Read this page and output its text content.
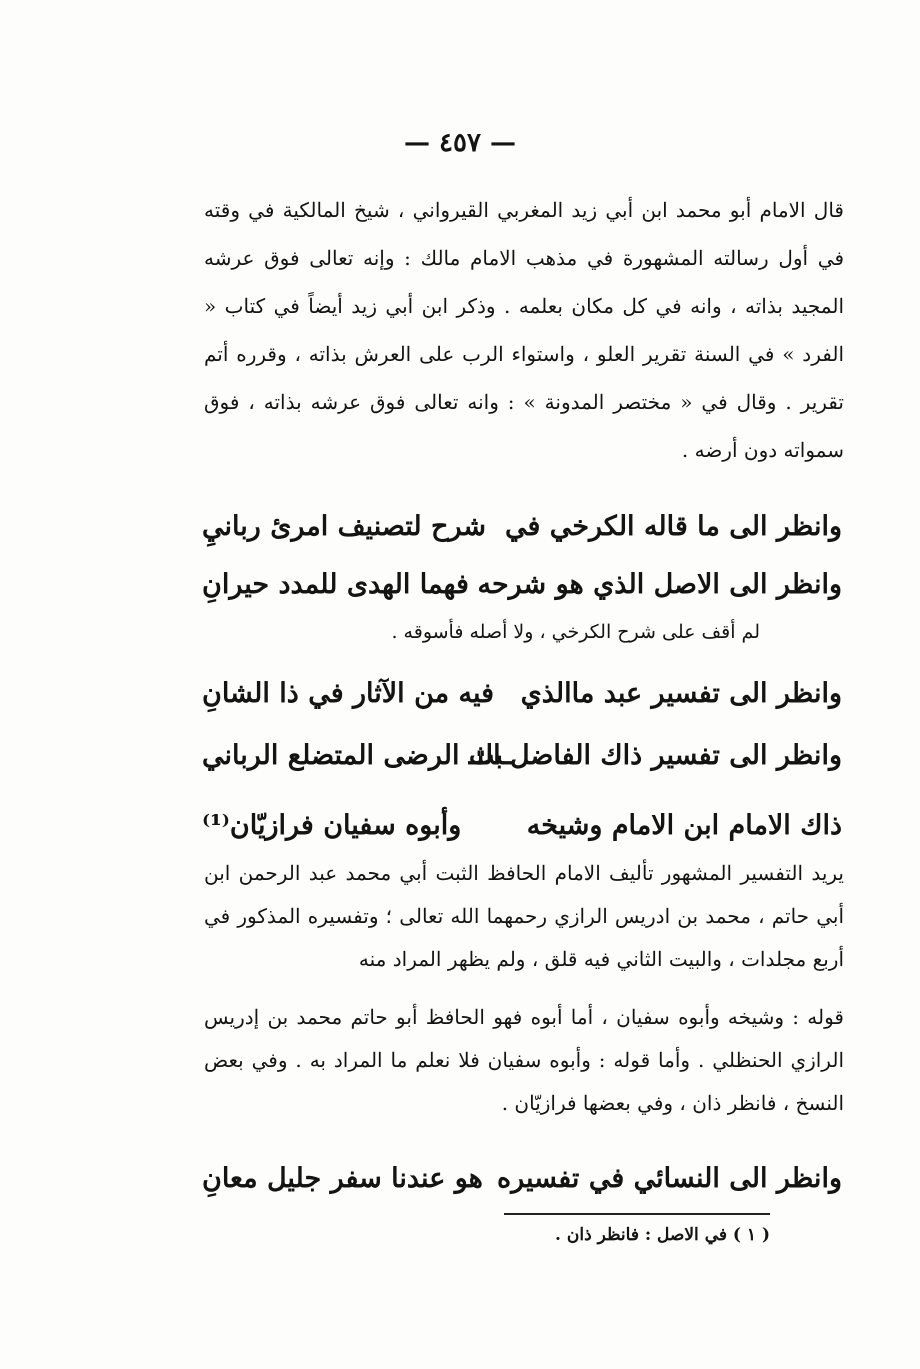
— ٤٥٧ —
قال الامام أبو محمد ابن أبي زيد المغربي القيرواني ، شيخ المالكية في وقته في أول رسالته المشهورة في مذهب الامام مالك : وإنه تعالى فوق عرشه المجيد بذاته ، وانه في كل مكان بعلمه . وذكر ابن أبي زيد أيضاً في كتاب « الفرد » في السنة تقرير العلو ، واستواء الرب على العرش بذاته ، وقرره أتم تقرير . وقال في « مختصر المدونة » : وانه تعالى فوق عرشه بذاته ، فوق سمواته دون أرضه .
وانظر الى ما قاله الكرخي في
شرح لتصنيف امرئ ربانيِ
وانظر الى الاصل الذي هو شرحه
فهما الهدى للمدد حيرانِ
لم أقف على شرح الكرخي ، ولا أصله فأسوقه .
وانظر الى تفسير عبد ماالذي
فيه من الآثار في ذا الشانِ
وانظر الى تفسير ذاك الفاضل الثـ
ـبت الرضى المتضلع الرباني
ذاك الامام ابن الامام وشيخه
وأبوه سفيان فرازيّان⁽¹⁾
يريد التفسير المشهور تأليف الامام الحافظ الثبت أبي محمد عبد الرحمن ابن أبي حاتم ، محمد بن ادريس الرازي رحمهما الله تعالى ؛ وتفسيره المذكور في أربع مجلدات ، والبيت الثاني فيه قلق ، ولم يظهر المراد منه
قوله : وشيخه وأبوه سفيان ، أما أبوه فهو الحافظ أبو حاتم محمد بن إدريس الرازي الحنظلي . وأما قوله : وأبوه سفيان فلا نعلم ما المراد به . وفي بعض النسخ ، فانظر ذان ، وفي بعضها فرازيّان .
وانظر الى النسائي في تفسيره
هو عندنا سفر جليل معانِ
( ١ ) في الاصل : فانظر ذان .
